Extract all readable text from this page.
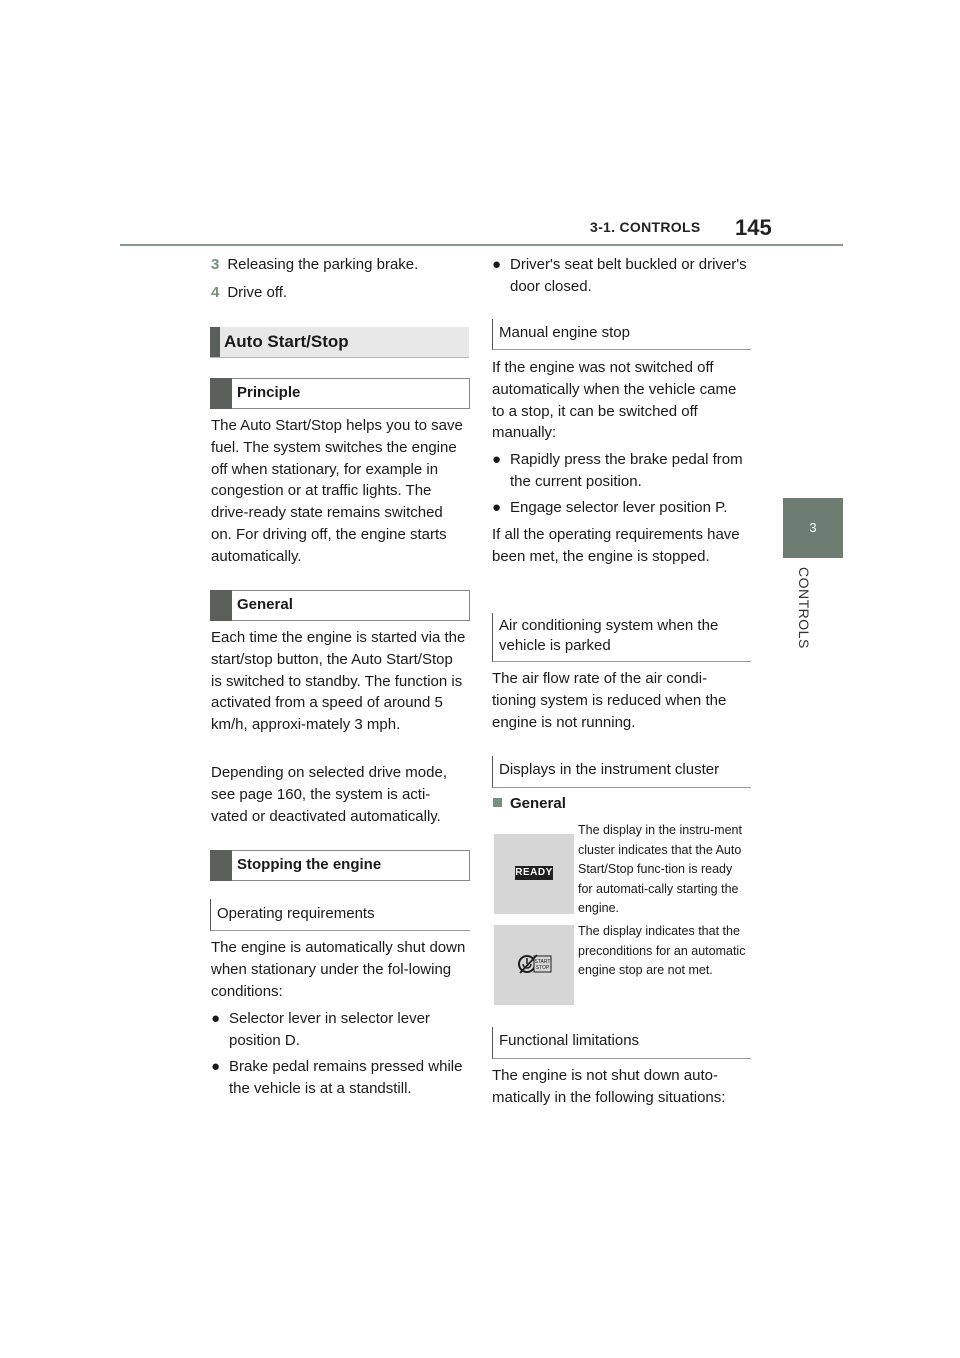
3-1. CONTROLS 145
3
CONTROLS
3 Releasing the parking brake.
4 Drive off.
Auto Start/Stop
Principle
The Auto Start/Stop helps you to save fuel. The system switches the engine off when stationary, for example in congestion or at traffic lights. The drive-ready state remains switched on. For driving off, the engine starts automatically.
General
Each time the engine is started via the start/stop button, the Auto Start/Stop is switched to standby. The function is activated from a speed of around 5 km/h, approxi-mately 3 mph.
Depending on selected drive mode, see page 160, the system is acti-vated or deactivated automatically.
Stopping the engine
Operating requirements
The engine is automatically shut down when stationary under the fol-lowing conditions:
● Selector lever in selector lever position D.
● Brake pedal remains pressed while the vehicle is at a standstill.
● Driver's seat belt buckled or driver's door closed.
Manual engine stop
If the engine was not switched off automatically when the vehicle came to a stop, it can be switched off manually:
● Rapidly press the brake pedal from the current position.
● Engage selector lever position P.
If all the operating requirements have been met, the engine is stopped.
Air conditioning system when the vehicle is parked
The air flow rate of the air condi-tioning system is reduced when the engine is not running.
Displays in the instrument cluster
General
READY
The display in the instru-ment cluster indicates that the Auto Start/Stop func-tion is ready for automati-cally starting the engine.
START
STOP
The display indicates that the preconditions for an automatic engine stop are not met.
Functional limitations
The engine is not shut down auto-matically in the following situations:
